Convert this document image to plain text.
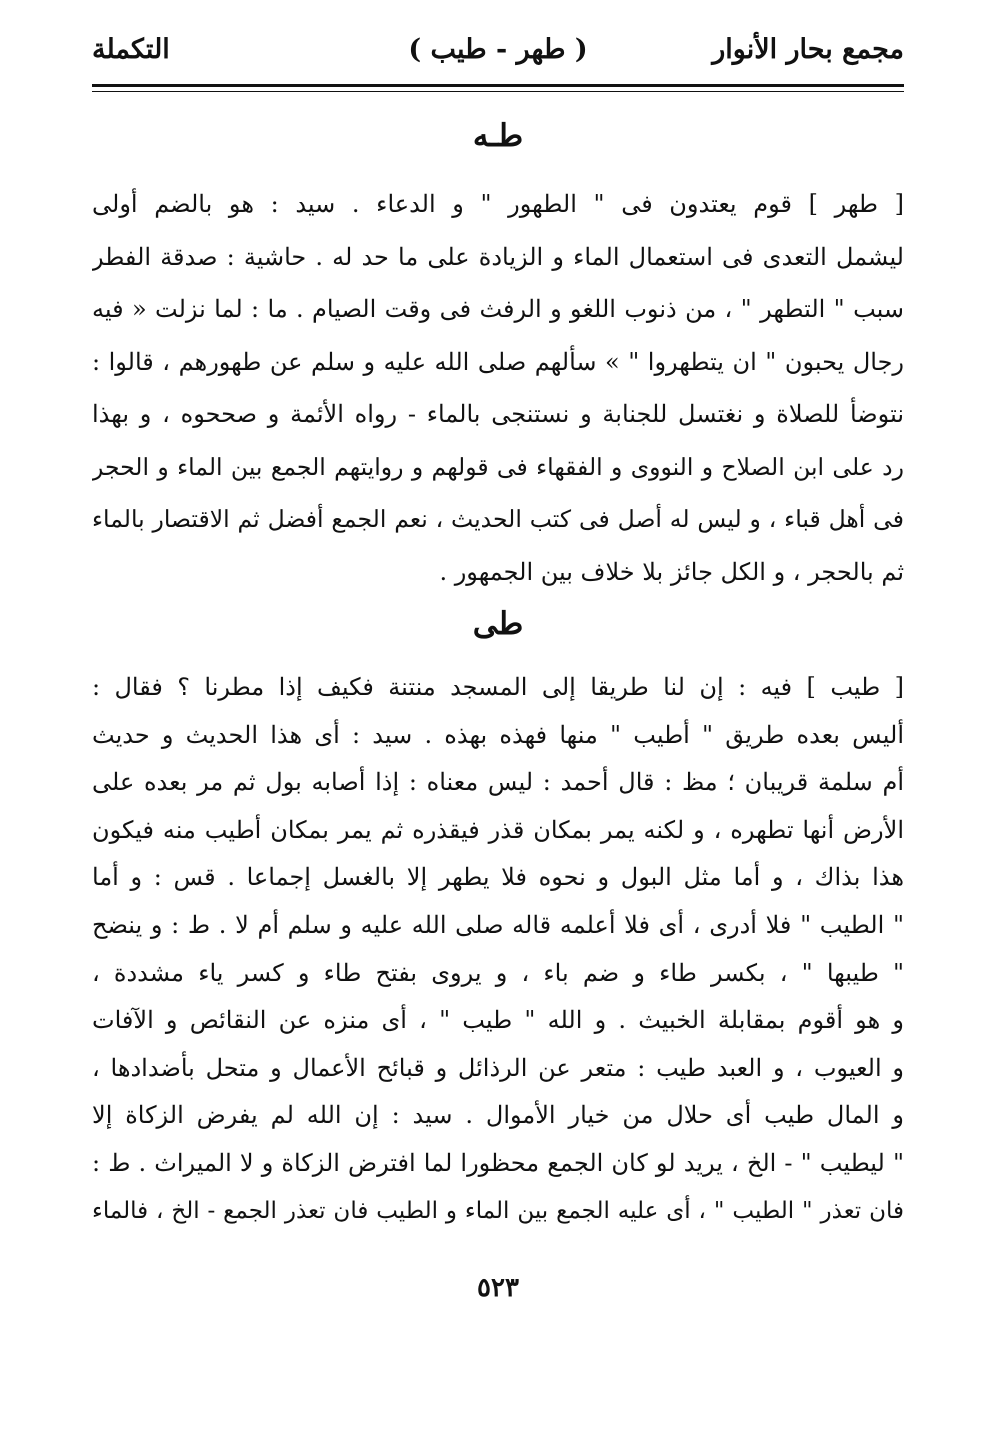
مجمع بحار الأنوار
( طهر - طيب )
التكملة
طـه
[ طهر ] قوم يعتدون فى " الطهور " و الدعاء . سيد : هو بالضم أولى
ليشمل التعدى فى استعمال الماء و الزيادة على ما حد له . حاشية : صدقة الفطر
سبب " التطهر " ، من ذنوب اللغو و الرفث فى وقت الصيام . ما : لما نزلت « فيه
رجال يحبون " ان يتطهروا " » سألهم صلى الله عليه و سلم عن طهورهم ، قالوا :
نتوضأ للصلاة و نغتسل للجنابة و نستنجى بالماء - رواه الأئمة و صححوه ، و بهذا
رد على ابن الصلاح و النووى و الفقهاء فى قولهم و روايتهم الجمع بين الماء و الحجر
فى أهل قباء ، و ليس له أصل فى كتب الحديث ، نعم الجمع أفضل ثم الاقتصار بالماء
ثم بالحجر ، و الكل جائز بلا خلاف بين الجمهور .
طى
[ طيب ] فيه : إن لنا طريقا إلى المسجد منتنة فكيف إذا مطرنا ؟ فقال :
أليس بعده طريق " أطيب " منها فهذه بهذه . سيد : أى هذا الحديث و حديث
أم سلمة قريبان ؛ مظ : قال أحمد : ليس معناه : إذا أصابه بول ثم مر بعده على
الأرض أنها تطهره ، و لكنه يمر بمكان قذر فيقذره ثم يمر بمكان أطيب منه فيكون
هذا بذاك ، و أما مثل البول و نحوه فلا يطهر إلا بالغسل إجماعا . قس : و أما
" الطيب " فلا أدرى ، أى فلا أعلمه قاله صلى الله عليه و سلم أم لا . ط : و ينضح
" طيبها " ، بكسر طاء و ضم باء ، و يروى بفتح طاء و كسر ياء مشددة ،
و هو أقوم بمقابلة الخبيث . و الله " طيب " ، أى منزه عن النقائص و الآفات
و العيوب ، و العبد طيب : متعر عن الرذائل و قبائح الأعمال و متحل بأضدادها ،
و المال طيب أى حلال من خيار الأموال . سيد : إن الله لم يفرض الزكاة إلا
" ليطيب " - الخ ، يريد لو كان الجمع محظورا لما افترض الزكاة و لا الميراث . ط :
فان تعذر " الطيب " ، أى عليه الجمع بين الماء و الطيب فان تعذر الجمع - الخ ، فالماء
٥٢٣
